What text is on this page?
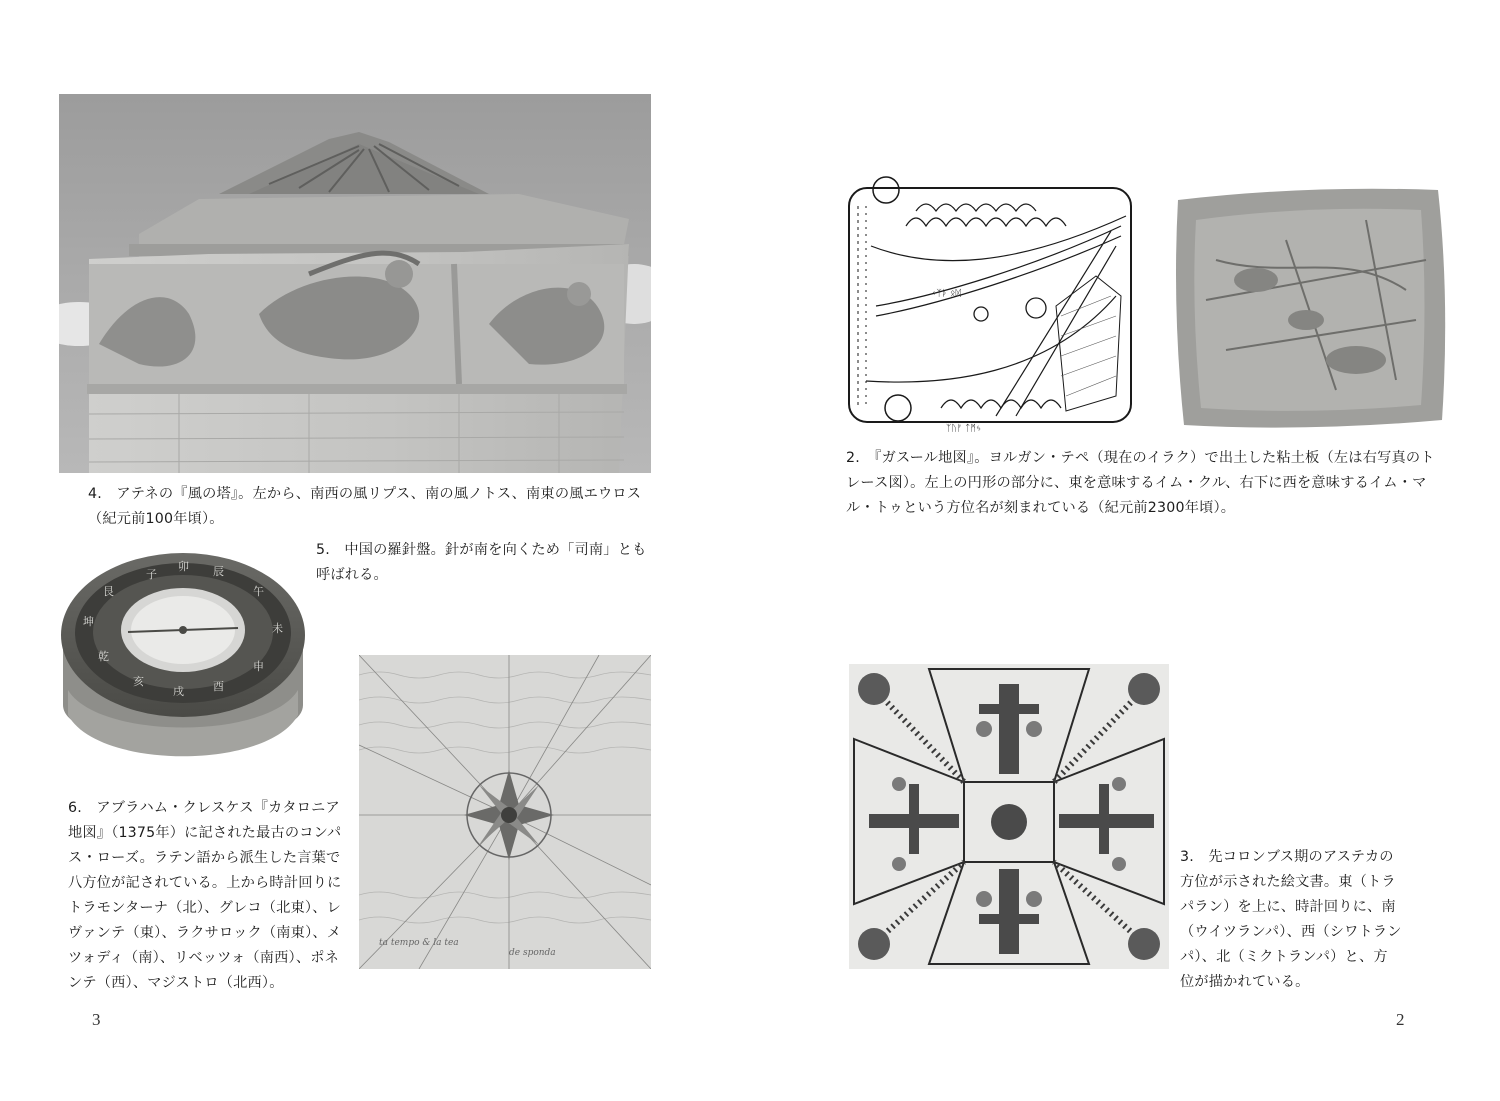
4.　アテネの『風の塔』。左から、南西の風リプス、南の風ノトス、南東の風エウロス（紀元前100年頃）。

子
卯 辰
午
未
申
酉
戌
亥
乾
坤
艮

5.　中国の羅針盤。針が南を向くため「司南」とも呼ばれる。

ta tempo & la tea
de sponda

6.　アブラハム・クレスケス『カタロニア地図』（1375年）に記された最古のコンパス・ローズ。ラテン語から派生した言葉で八方位が記されている。上から時計回りにトラモンターナ（北）、グレコ（北東）、レヴァンテ（東）、ラクサロック（南東）、メツォディ（南）、リベッツォ（南西）、ポネンテ（西）、マジストロ（北西）。

3
ᚲᛉᚦ ᛟᛞ
ᛉᚢᚠ ᛏᛗᛃ

2.　『ガスール地図』。ヨルガン・テペ（現在のイラク）で出土した粘土板（左は右写真のトレース図）。左上の円形の部分に、東を意味するイム・クル、右下に西を意味するイム・マル・トゥという方位名が刻まれている（紀元前2300年頃）。

3.　先コロンブス期のアステカの方位が示された絵文書。東（トラパラン）を上に、時計回りに、南（ウイツランパ）、西（シワトランパ）、北（ミクトランパ）と、方位が描かれている。

2
